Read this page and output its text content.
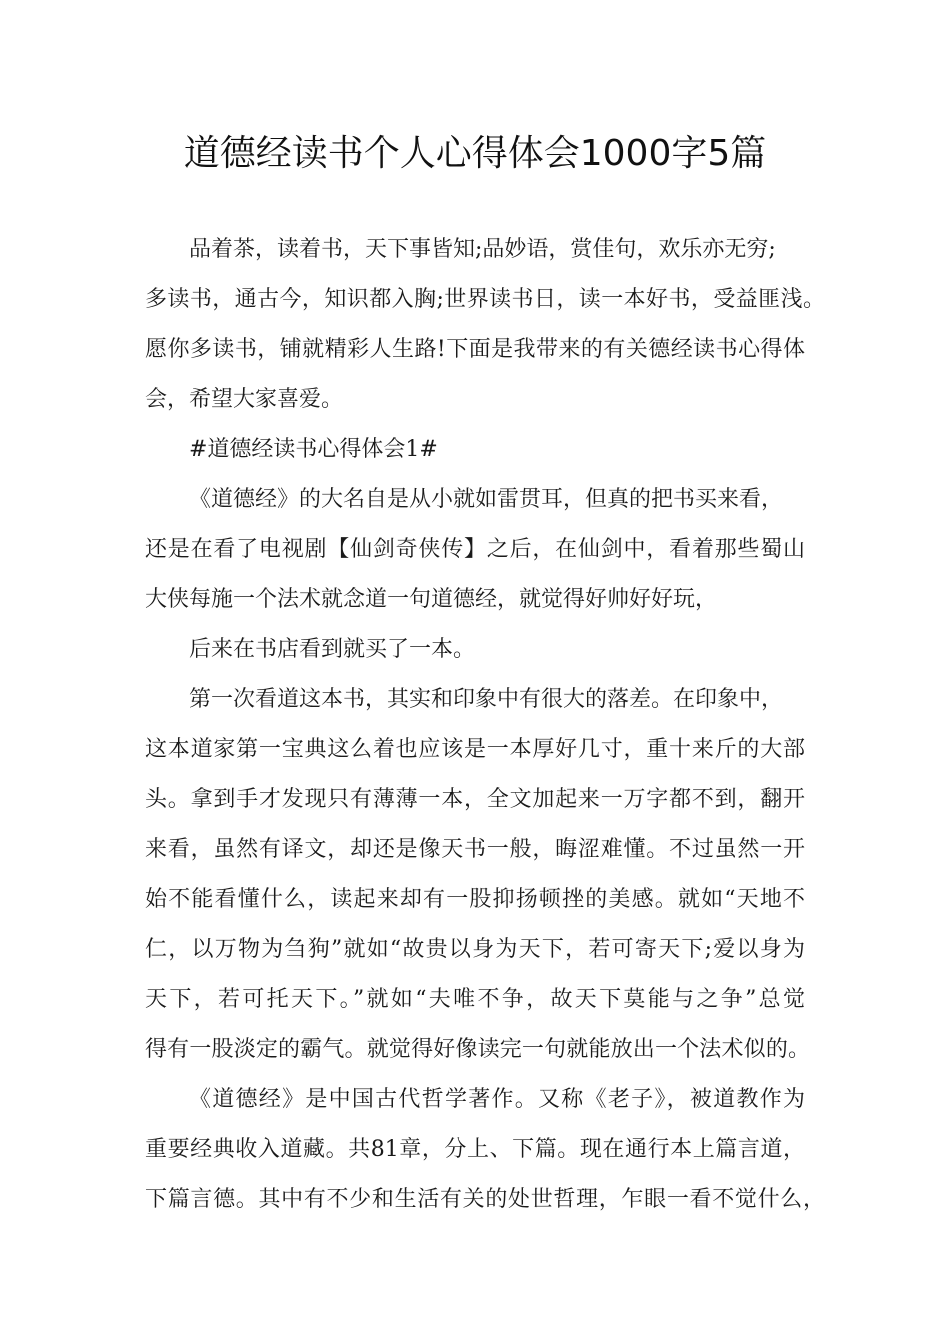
道德经读书个人心得体会1000字5篇
品着茶，读着书，天下事皆知;品妙语，赏佳句，欢乐亦无穷;
多读书，通古今，知识都入胸;世界读书日，读一本好书，受益匪浅。
愿你多读书，铺就精彩人生路!下面是我带来的有关德经读书心得体
会，希望大家喜爱。
#道德经读书心得体会1#
《道德经》的大名自是从小就如雷贯耳，但真的把书买来看，
还是在看了电视剧【仙剑奇侠传】之后，在仙剑中，看着那些蜀山
大侠每施一个法术就念道一句道德经，就觉得好帅好好玩，
后来在书店看到就买了一本。
第一次看道这本书，其实和印象中有很大的落差。在印象中，
这本道家第一宝典这么着也应该是一本厚好几寸，重十来斤的大部
头。拿到手才发现只有薄薄一本，全文加起来一万字都不到，翻开
来看，虽然有译文，却还是像天书一般，晦涩难懂。不过虽然一开
始不能看懂什么，读起来却有一股抑扬顿挫的美感。就如“天地不
仁，以万物为刍狗”就如“故贵以身为天下，若可寄天下;爱以身为
天下，若可托天下。”就如“夫唯不争，故天下莫能与之争”总觉
得有一股淡定的霸气。就觉得好像读完一句就能放出一个法术似的。
《道德经》是中国古代哲学著作。又称《老子》，被道教作为
重要经典收入道藏。共81章，分上、下篇。现在通行本上篇言道，
下篇言德。其中有不少和生活有关的处世哲理，乍眼一看不觉什么，
